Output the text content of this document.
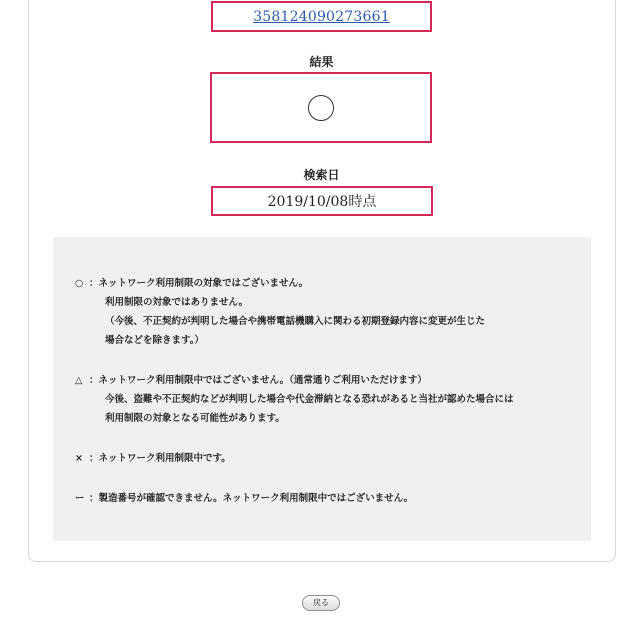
358124090273661
結果
検索日
2019/10/08時点
○ ： ネットワーク利用制限の対象ではございません。
利用制限の対象ではありません。
（今後、不正契約が判明した場合や携帯電話機購入に関わる初期登録内容に変更が生じた
場合などを除きます。）
△ ： ネットワーク利用制限中ではございません。（通常通りご利用いただけます）
今後、盗難や不正契約などが判明した場合や代金滞納となる恐れがあると当社が認めた場合には
利用制限の対象となる可能性があります。
× ： ネットワーク利用制限中です。
ー ： 製造番号が確認できません。ネットワーク利用制限中ではございません。
戻る
